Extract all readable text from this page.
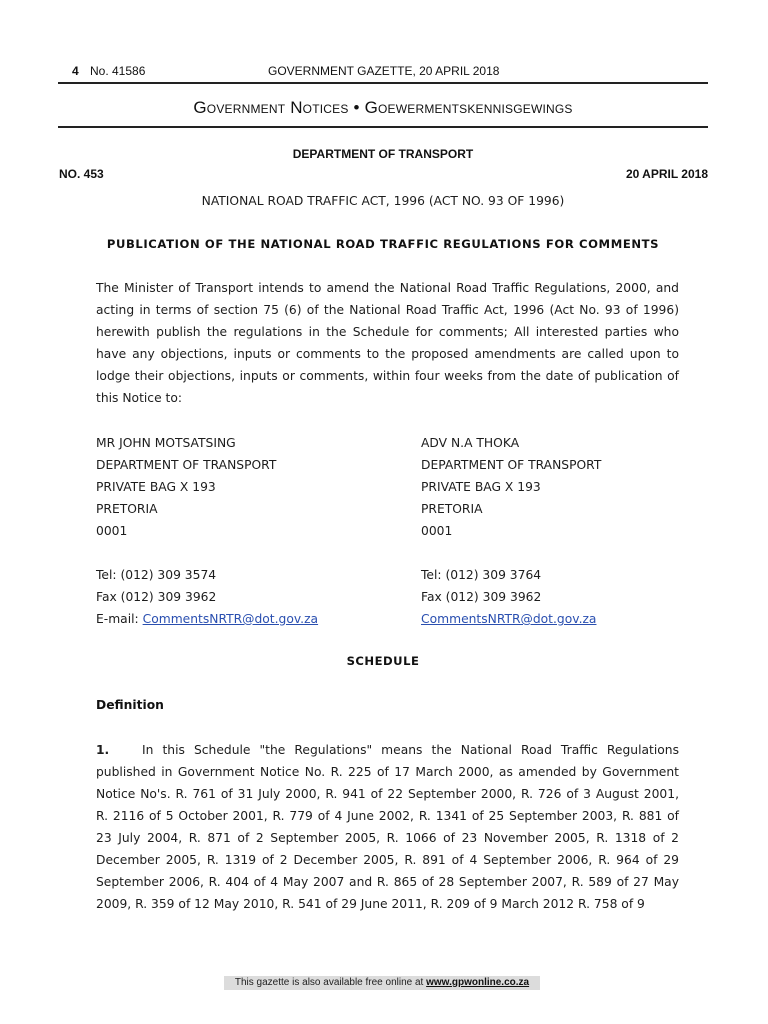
4 No. 41586	GOVERNMENT GAZETTE, 20 APRIL 2018
Government Notices • Goewermentskennisgewings
DEPARTMENT OF TRANSPORT
NO. 453	20 APRIL 2018
NATIONAL ROAD TRAFFIC ACT, 1996 (ACT NO. 93 OF 1996)
PUBLICATION OF THE NATIONAL ROAD TRAFFIC REGULATIONS FOR COMMENTS
The Minister of Transport intends to amend the National Road Traffic Regulations, 2000, and
acting in terms of section 75 (6) of the National Road Traffic Act, 1996 (Act No. 93 of 1996)
herewith publish the regulations in the Schedule for comments; All interested parties who
have any objections, inputs or comments to the proposed amendments are called upon to
lodge their objections, inputs or comments, within four weeks from the date of publication of
this Notice to:
MR JOHN MOTSATSING
DEPARTMENT OF TRANSPORT
PRIVATE BAG X 193
PRETORIA
0001

Tel: (012) 309 3574
Fax (012) 309 3962
E-mail: CommentsNRTR@dot.gov.za
ADV N.A THOKA
DEPARTMENT OF TRANSPORT
PRIVATE BAG X 193
PRETORIA
0001

Tel: (012) 309 3764
Fax (012) 309 3962
CommentsNRTR@dot.gov.za
SCHEDULE
Definition
1.	In this Schedule "the Regulations" means the National Road Traffic Regulations
published in Government Notice No. R. 225 of 17 March 2000, as amended by Government
Notice No's. R. 761 of 31 July 2000, R. 941 of 22 September 2000, R. 726 of 3 August 2001,
R. 2116 of 5 October 2001, R. 779 of 4 June 2002, R. 1341 of 25 September 2003, R. 881 of
23 July 2004, R. 871 of 2 September 2005, R. 1066 of 23 November 2005, R. 1318 of 2
December 2005, R. 1319 of 2 December 2005, R. 891 of 4 September 2006, R. 964 of 29
September 2006, R. 404 of 4 May 2007 and R. 865 of 28 September 2007, R. 589 of 27 May
2009, R. 359 of 12 May 2010, R. 541 of 29 June 2011, R. 209 of 9 March 2012 R. 758 of 9
This gazette is also available free online at www.gpwonline.co.za
